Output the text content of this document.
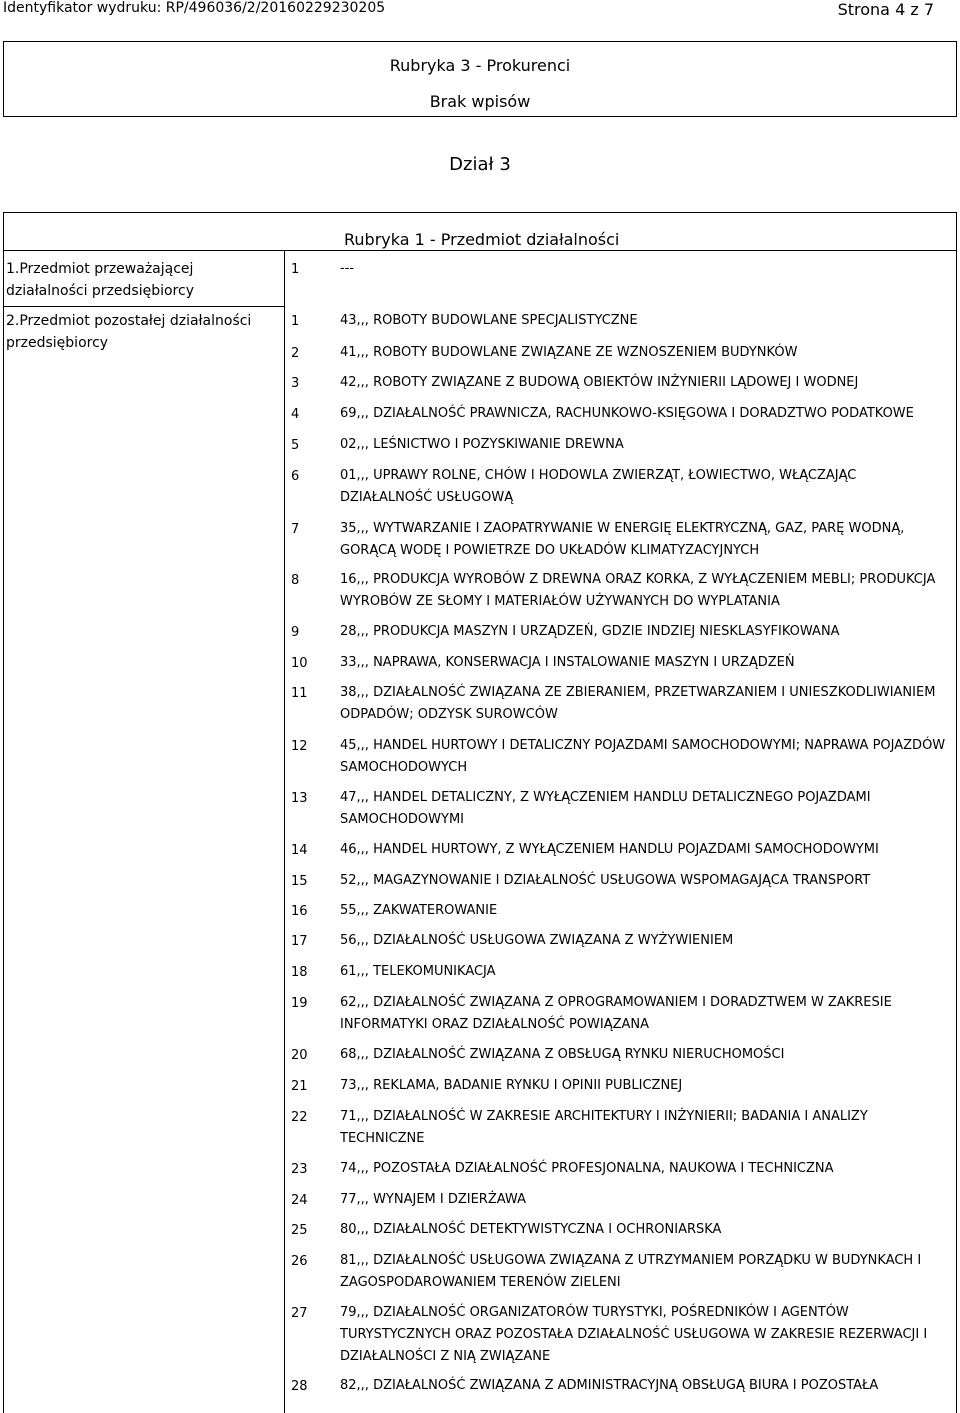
Identyfikator wydruku: RP/496036/2/20160229230205	Strona 4 z 7
Rubryka 3 - Prokurenci
Brak wpisów
Dział 3
Rubryka 1 - Przedmiot działalności
1.Przedmiot przeważającej działalności przedsiębiorcy
1	---
2.Przedmiot pozostałej działalności przedsiębiorcy
1	43,,, ROBOTY BUDOWLANE SPECJALISTYCZNE
2	41,,, ROBOTY BUDOWLANE ZWIĄZANE ZE WZNOSZENIEM BUDYNKÓW
3	42,,, ROBOTY ZWIĄZANE Z BUDOWĄ OBIEKTÓW INŻYNIERII LĄDOWEJ I WODNEJ
4	69,,, DZIAŁALNOŚĆ PRAWNICZA, RACHUNKOWO-KSIĘGOWA I DORADZTWO PODATKOWE
5	02,,, LEŚNICTWO I POZYSKIWANIE DREWNA
6	01,,, UPRAWY ROLNE, CHÓW I HODOWLA ZWIERZĄT, ŁOWIECTWO, WŁĄCZAJĄC DZIAŁALNOŚĆ USŁUGOWĄ
7	35,,, WYTWARZANIE I ZAOPATRYWANIE W ENERGIĘ ELEKTRYCZNĄ, GAZ, PARĘ WODNĄ, GORĄCĄ WODĘ I POWIETRZE DO UKŁADÓW KLIMATYZACYJNYCH
8	16,,, PRODUKCJA WYROBÓW Z DREWNA ORAZ KORKA, Z WYŁĄCZENIEM MEBLI; PRODUKCJA WYROBÓW ZE SŁOMY I MATERIAŁÓW UŻYWANYCH DO WYPLATANIA
9	28,,, PRODUKCJA MASZYN I URZĄDZEŃ, GDZIE INDZIEJ NIESKLASYFIKOWANA
10 33,,, NAPRAWA, KONSERWACJA I INSTALOWANIE MASZYN I URZĄDZEŃ
11 38,,, DZIAŁALNOŚĆ ZWIĄZANA ZE ZBIERANIEM, PRZETWARZANIEM I UNIESZKODLIWIANIEM ODPADÓW; ODZYSK SUROWCÓW
12 45,,, HANDEL HURTOWY I DETALICZNY POJAZDAMI SAMOCHODOWYMI; NAPRAWA POJAZDÓW SAMOCHODOWYCH
13 47,,, HANDEL DETALICZNY, Z WYŁĄCZENIEM HANDLU DETALICZNEGO POJAZDAMI SAMOCHODOWYMI
14 46,,, HANDEL HURTOWY, Z WYŁĄCZENIEM HANDLU POJAZDAMI SAMOCHODOWYMI
15 52,,, MAGAZYNOWANIE I DZIAŁALNOŚĆ USŁUGOWA WSPOMAGAJĄCA TRANSPORT
16 55,,, ZAKWATEROWANIE
17 56,,, DZIAŁALNOŚĆ USŁUGOWA ZWIĄZANA Z WYŻYWIENIEM
18 61,,, TELEKOMUNIKACJA
19 62,,, DZIAŁALNOŚĆ ZWIĄZANA Z OPROGRAMOWANIEM I DORADZTWEM W ZAKRESIE INFORMATYKI ORAZ DZIAŁALNOŚĆ POWIĄZANA
20 68,,, DZIAŁALNOŚĆ ZWIĄZANA Z OBSŁUGĄ RYNKU NIERUCHOMOŚCI
21 73,,, REKLAMA, BADANIE RYNKU I OPINII PUBLICZNEJ
22 71,,, DZIAŁALNOŚĆ W ZAKRESIE ARCHITEKTURY I INŻYNIERII; BADANIA I ANALIZY TECHNICZNE
23 74,,, POZOSTAŁA DZIAŁALNOŚĆ PROFESJONALNA, NAUKOWA I TECHNICZNA
24 77,,, WYNAJEM I DZIERŻAWA
25 80,,, DZIAŁALNOŚĆ DETEKTYWISTYCZNA I OCHRONIARSKA
26 81,,, DZIAŁALNOŚĆ USŁUGOWA ZWIĄZANA Z UTRZYMANIEM PORZĄDKU W BUDYNKACH I ZAGOSPODAROWANIEM TERENÓW ZIELENI
27 79,,, DZIAŁALNOŚĆ ORGANIZATORÓW TURYSTYKI, POŚREDNIKÓW I AGENTÓW TURYSTYCZNYCH ORAZ POZOSTAŁA DZIAŁALNOŚĆ USŁUGOWA W ZAKRESIE REZERWACJI I DZIAŁALNOŚCI Z NIĄ ZWIĄZANE
28 82,,, DZIAŁALNOŚĆ ZWIĄZANA Z ADMINISTRACYJNĄ OBSŁUGĄ BIURA I POZOSTAŁA
